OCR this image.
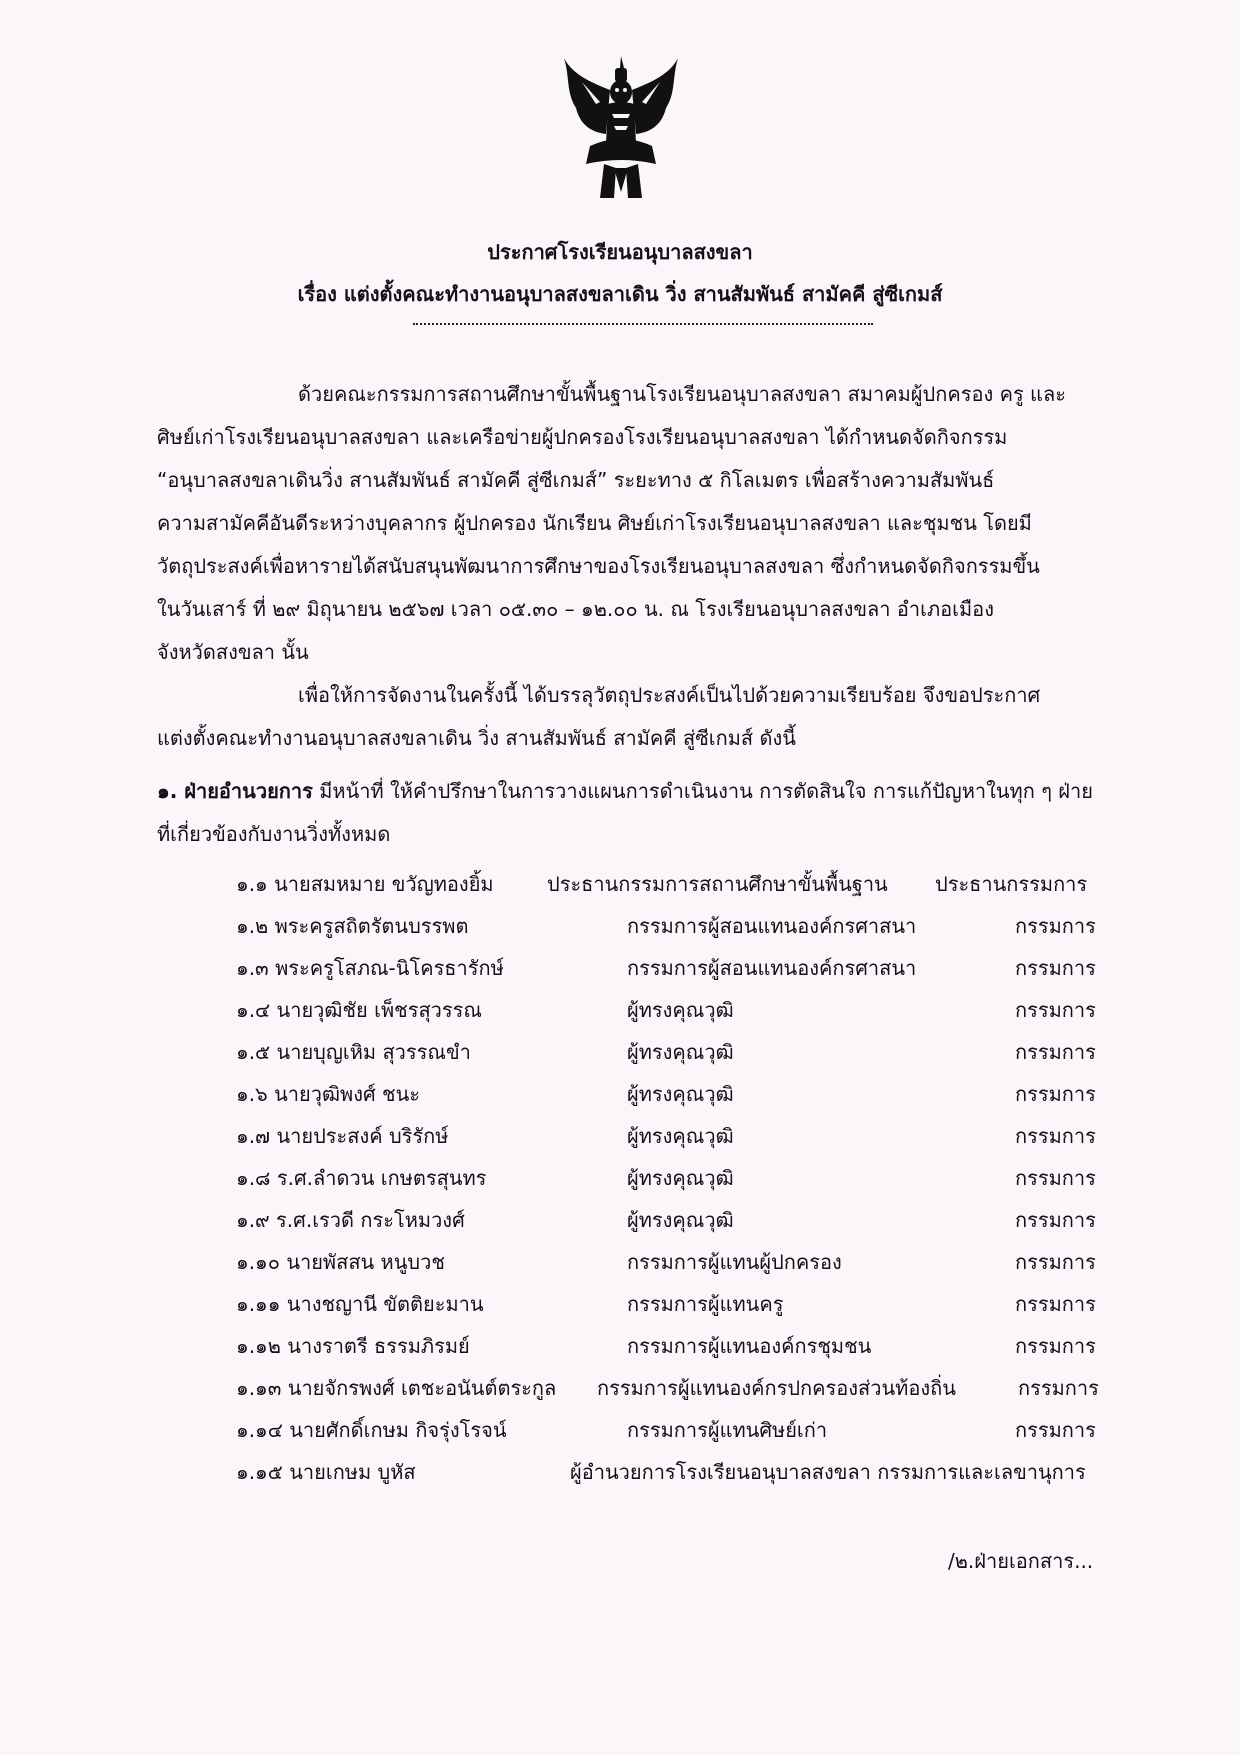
ประกาศโรงเรียนอนุบาลสงขลา
เรื่อง แต่งตั้งคณะทำงานอนุบาลสงขลาเดิน วิ่ง สานสัมพันธ์ สามัคคี สู่ซีเกมส์
ด้วยคณะกรรมการสถานศึกษาขั้นพื้นฐานโรงเรียนอนุบาลสงขลา สมาคมผู้ปกครอง ครู และ
ศิษย์เก่าโรงเรียนอนุบาลสงขลา และเครือข่ายผู้ปกครองโรงเรียนอนุบาลสงขลา ได้กำหนดจัดกิจกรรม
“อนุบาลสงขลาเดินวิ่ง สานสัมพันธ์ สามัคคี สู่ซีเกมส์” ระยะทาง ๕ กิโลเมตร เพื่อสร้างความสัมพันธ์
ความสามัคคีอันดีระหว่างบุคลากร ผู้ปกครอง นักเรียน ศิษย์เก่าโรงเรียนอนุบาลสงขลา และชุมชน โดยมี
วัตถุประสงค์เพื่อหารายได้สนับสนุนพัฒนาการศึกษาของโรงเรียนอนุบาลสงขลา ซึ่งกำหนดจัดกิจกรรมขึ้น
ในวันเสาร์ ที่ ๒๙ มิถุนายน ๒๕๖๗ เวลา ๐๕.๓๐ – ๑๒.๐๐ น. ณ โรงเรียนอนุบาลสงขลา อำเภอเมือง
จังหวัดสงขลา นั้น
เพื่อให้การจัดงานในครั้งนี้ ได้บรรลุวัตถุประสงค์เป็นไปด้วยความเรียบร้อย จึงขอประกาศ
แต่งตั้งคณะทำงานอนุบาลสงขลาเดิน วิ่ง สานสัมพันธ์ สามัคคี สู่ซีเกมส์ ดังนี้
๑. ฝ่ายอำนวยการ มีหน้าที่ ให้คำปรึกษาในการวางแผนการดำเนินงาน การตัดสินใจ การแก้ปัญหาในทุก ๆ ฝ่าย
ที่เกี่ยวข้องกับงานวิ่งทั้งหมด
๑.๑ นายสมหมาย ขวัญทองยิ้ม	ประธานกรรมการสถานศึกษาขั้นพื้นฐาน ประธานกรรมการ
๑.๒ พระครูสถิตรัตนบรรพต	กรรมการผู้สอนแทนองค์กรศาสนา	กรรมการ
๑.๓ พระครูโสภณ-นิโครธารักษ์	กรรมการผู้สอนแทนองค์กรศาสนา	กรรมการ
๑.๔ นายวุฒิชัย เพ็ชรสุวรรณ	ผู้ทรงคุณวุฒิ	กรรมการ
๑.๕ นายบุญเหิม สุวรรณขำ	ผู้ทรงคุณวุฒิ	กรรมการ
๑.๖ นายวุฒิพงศ์ ชนะ	ผู้ทรงคุณวุฒิ	กรรมการ
๑.๗ นายประสงค์ บริรักษ์	ผู้ทรงคุณวุฒิ	กรรมการ
๑.๘ ร.ศ.ลำดวน เกษตรสุนทร	ผู้ทรงคุณวุฒิ	กรรมการ
๑.๙ ร.ศ.เรวดี กระโหมวงศ์	ผู้ทรงคุณวุฒิ	กรรมการ
๑.๑๐ นายพัสสน หนูบวช	กรรมการผู้แทนผู้ปกครอง	กรรมการ
๑.๑๑ นางชญานี ขัตติยะมาน	กรรมการผู้แทนครู	กรรมการ
๑.๑๒ นางราตรี ธรรมภิรมย์	กรรมการผู้แทนองค์กรชุมชน	กรรมการ
๑.๑๓ นายจักรพงศ์ เตชะอนันต์ตระกูล กรรมการผู้แทนองค์กรปกครองส่วนท้องถิ่น	กรรมการ
๑.๑๔ นายศักดิ์เกษม กิจรุ่งโรจน์	กรรมการผู้แทนศิษย์เก่า	กรรมการ
๑.๑๕ นายเกษม บูหัส	ผู้อำนวยการโรงเรียนอนุบาลสงขลา กรรมการและเลขานุการ
/๒.ฝ่ายเอกสาร...
